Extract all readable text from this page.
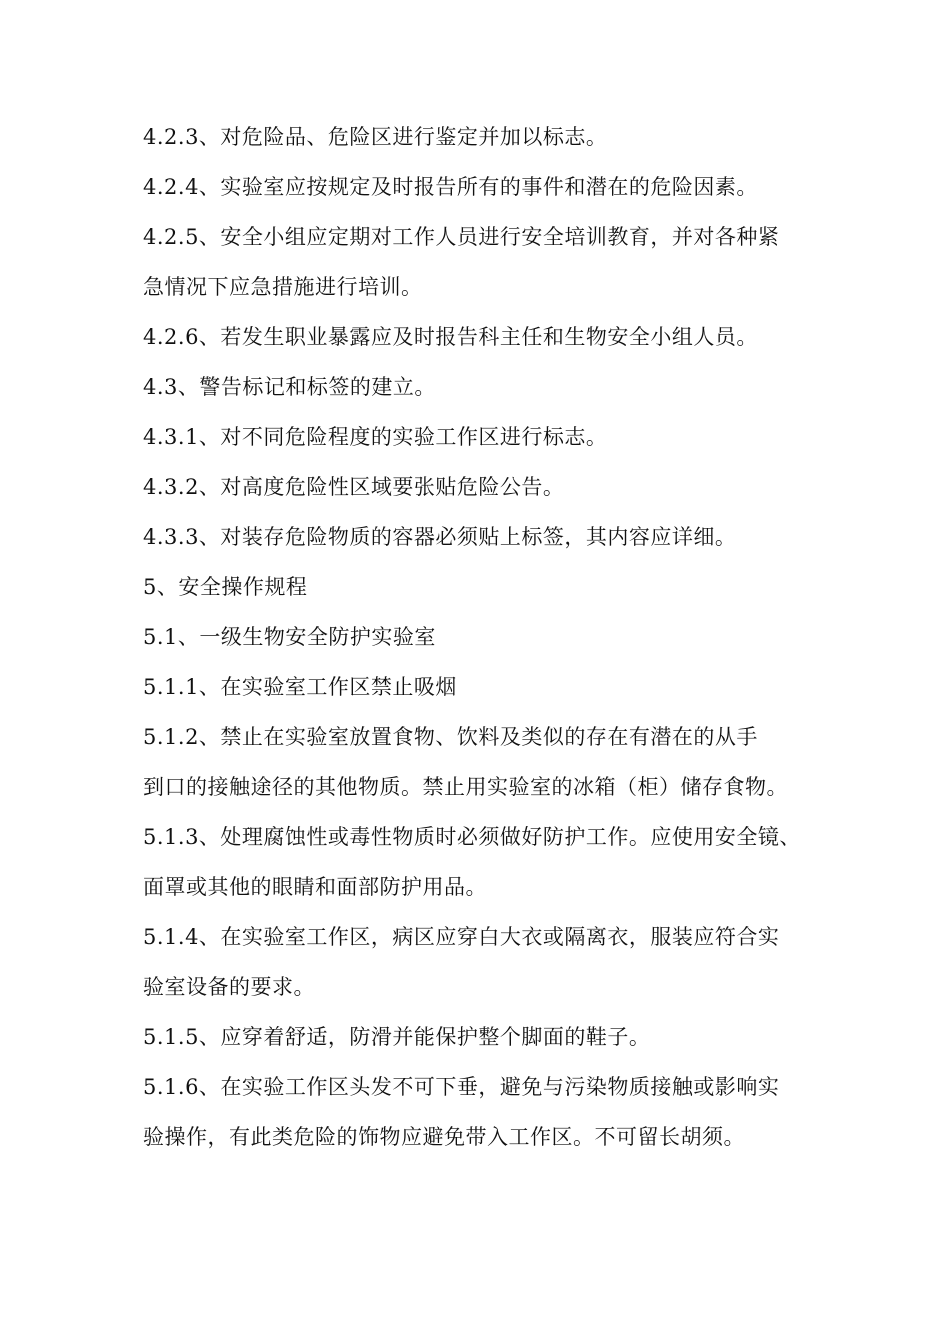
4.2.3、对危险品、危险区进行鉴定并加以标志。
4.2.4、实验室应按规定及时报告所有的事件和潜在的危险因素。
4.2.5、安全小组应定期对工作人员进行安全培训教育，并对各种紧
急情况下应急措施进行培训。
4.2.6、若发生职业暴露应及时报告科主任和生物安全小组人员。
4.3、警告标记和标签的建立。
4.3.1、对不同危险程度的实验工作区进行标志。
4.3.2、对高度危险性区域要张贴危险公告。
4.3.3、对装存危险物质的容器必须贴上标签，其内容应详细。
5、安全操作规程
5.1、一级生物安全防护实验室
5.1.1、在实验室工作区禁止吸烟
5.1.2、禁止在实验室放置食物、饮料及类似的存在有潜在的从手
到口的接触途径的其他物质。禁止用实验室的冰箱（柜）储存食物。
5.1.3、处理腐蚀性或毒性物质时必须做好防护工作。应使用安全镜、
面罩或其他的眼睛和面部防护用品。
5.1.4、在实验室工作区，病区应穿白大衣或隔离衣，服装应符合实
验室设备的要求。
5.1.5、应穿着舒适，防滑并能保护整个脚面的鞋子。
5.1.6、在实验工作区头发不可下垂，避免与污染物质接触或影响实
验操作，有此类危险的饰物应避免带入工作区。不可留长胡须。
